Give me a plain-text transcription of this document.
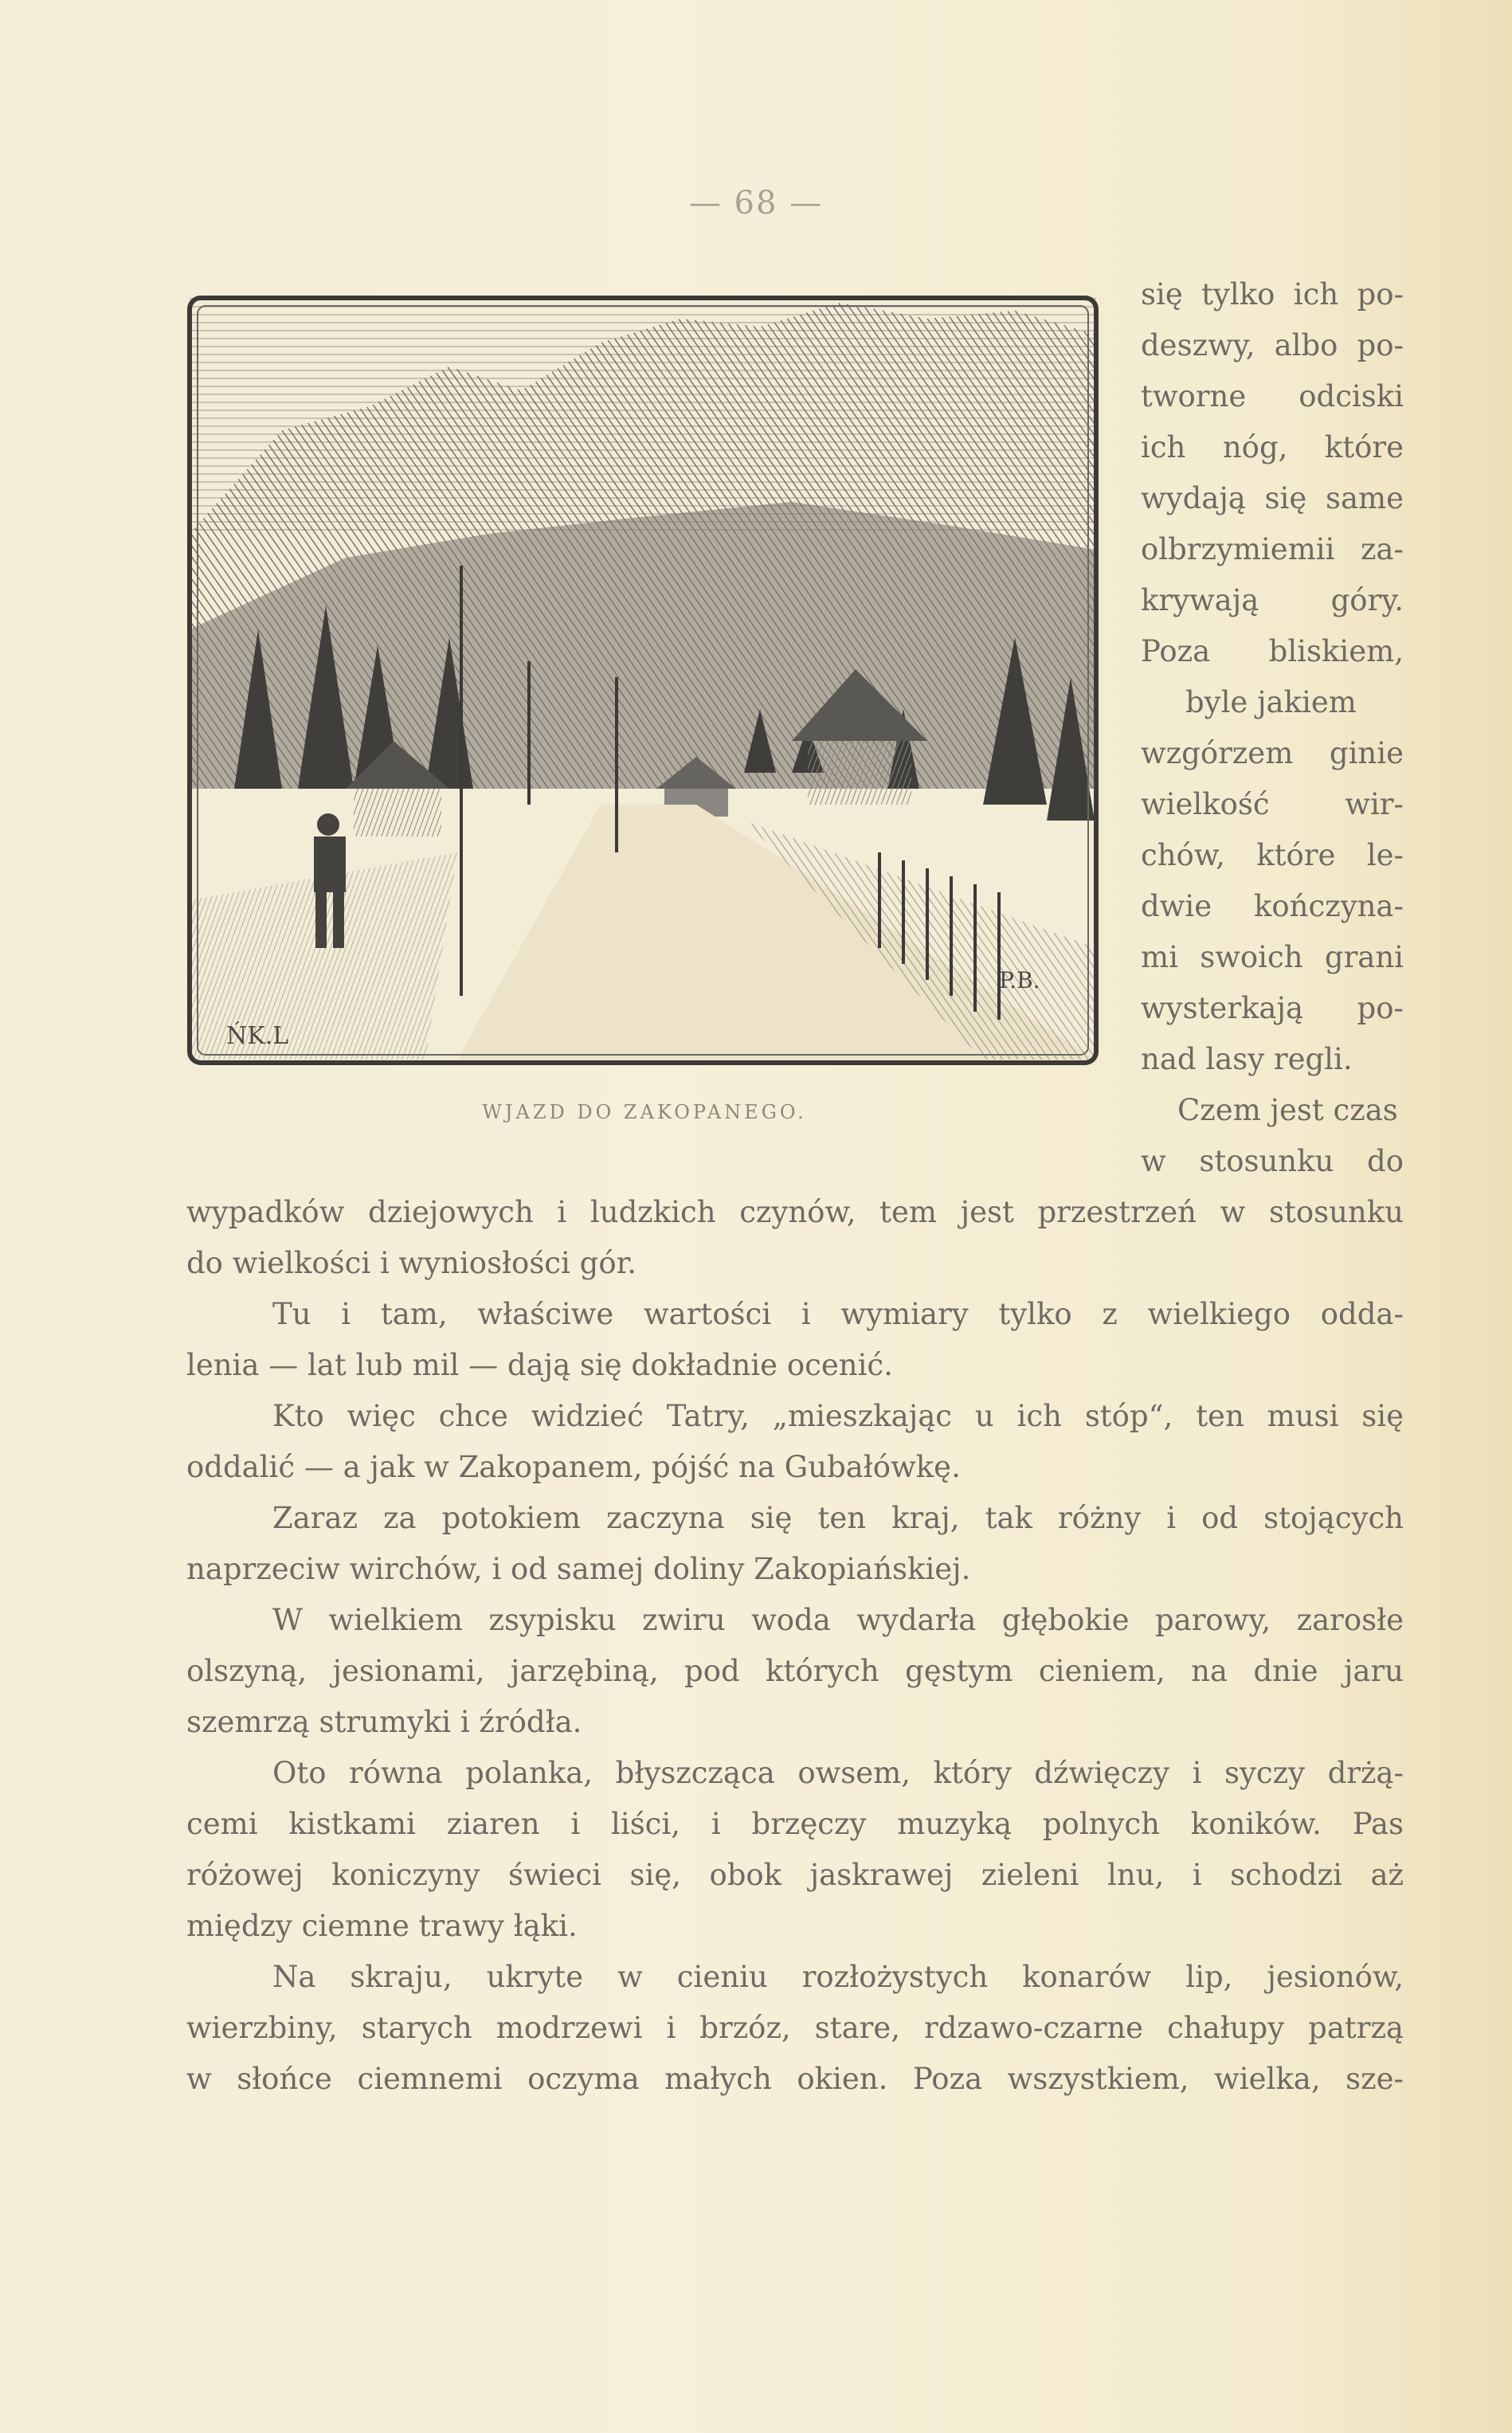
— 68 —
P.B.
ŃK.L
WJAZD DO ZAKOPANEGO.
się tylko ich po-
deszwy, albo po-
tworne odciski
ich nóg, które
wydają się same
olbrzymiemii za-
krywają góry.
Poza bliskiem,
byle jakiem
wzgórzem ginie
wielkość wir-
chów, które le-
dwie kończyna-
mi swoich grani
wysterkają po-
nad lasy regli.
Czem jest czas
w stosunku do
wypadków dziejowych i ludzkich czynów, tem jest przestrzeń w stosunku
do wielkości i wyniosłości gór.
Tu i tam, właściwe wartości i wymiary tylko z wielkiego odda-
lenia — lat lub mil — dają się dokładnie ocenić.
Kto więc chce widzieć Tatry, „mieszkając u ich stóp“, ten musi się
oddalić — a jak w Zakopanem, pójść na Gubałówkę.
Zaraz za potokiem zaczyna się ten kraj, tak różny i od stojących
naprzeciw wirchów, i od samej doliny Zakopiańskiej.
W wielkiem zsypisku zwiru woda wydarła głębokie parowy, zarosłe
olszyną, jesionami, jarzębiną, pod których gęstym cieniem, na dnie jaru
szemrzą strumyki i źródła.
Oto równa polanka, błyszcząca owsem, który dźwięczy i syczy drżą-
cemi kistkami ziaren i liści, i brzęczy muzyką polnych koników. Pas
różowej koniczyny świeci się, obok jaskrawej zieleni lnu, i schodzi aż
między ciemne trawy łąki.
Na skraju, ukryte w cieniu rozłożystych konarów lip, jesionów,
wierzbiny, starych modrzewi i brzóz, stare, rdzawo-czarne chałupy patrzą
w słońce ciemnemi oczyma małych okien. Poza wszystkiem, wielka, sze-
